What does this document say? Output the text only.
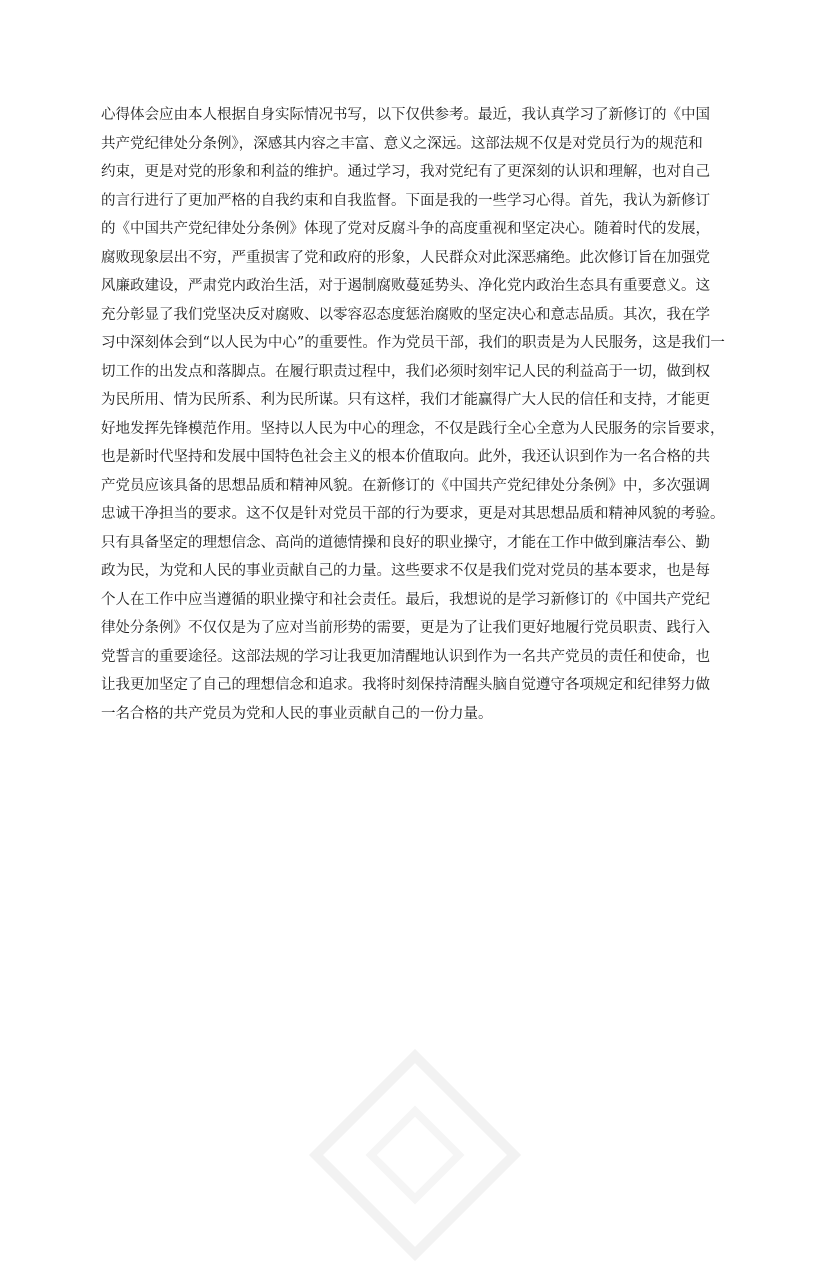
心得体会应由本人根据自身实际情况书写，以下仅供参考。最近，我认真学习了新修订的《中国
共产党纪律处分条例》，深感其内容之丰富、意义之深远。这部法规不仅是对党员行为的规范和
约束，更是对党的形象和利益的维护。通过学习，我对党纪有了更深刻的认识和理解，也对自己
的言行进行了更加严格的自我约束和自我监督。下面是我的一些学习心得。首先，我认为新修订
的《中国共产党纪律处分条例》体现了党对反腐斗争的高度重视和坚定决心。随着时代的发展，
腐败现象层出不穷，严重损害了党和政府的形象，人民群众对此深恶痛绝。此次修订旨在加强党
风廉政建设，严肃党内政治生活，对于遏制腐败蔓延势头、净化党内政治生态具有重要意义。这
充分彰显了我们党坚决反对腐败、以零容忍态度惩治腐败的坚定决心和意志品质。其次，我在学
习中深刻体会到“以人民为中心”的重要性。作为党员干部，我们的职责是为人民服务，这是我们一
切工作的出发点和落脚点。在履行职责过程中，我们必须时刻牢记人民的利益高于一切，做到权
为民所用、情为民所系、利为民所谋。只有这样，我们才能赢得广大人民的信任和支持，才能更
好地发挥先锋模范作用。坚持以人民为中心的理念，不仅是践行全心全意为人民服务的宗旨要求，
也是新时代坚持和发展中国特色社会主义的根本价值取向。此外，我还认识到作为一名合格的共
产党员应该具备的思想品质和精神风貌。在新修订的《中国共产党纪律处分条例》中，多次强调
忠诚干净担当的要求。这不仅是针对党员干部的行为要求，更是对其思想品质和精神风貌的考验。
只有具备坚定的理想信念、高尚的道德情操和良好的职业操守，才能在工作中做到廉洁奉公、勤
政为民，为党和人民的事业贡献自己的力量。这些要求不仅是我们党对党员的基本要求，也是每
个人在工作中应当遵循的职业操守和社会责任。最后，我想说的是学习新修订的《中国共产党纪
律处分条例》不仅仅是为了应对当前形势的需要，更是为了让我们更好地履行党员职责、践行入
党誓言的重要途径。这部法规的学习让我更加清醒地认识到作为一名共产党员的责任和使命，也
让我更加坚定了自己的理想信念和追求。我将时刻保持清醒头脑自觉遵守各项规定和纪律努力做
一名合格的共产党员为党和人民的事业贡献自己的一份力量。
